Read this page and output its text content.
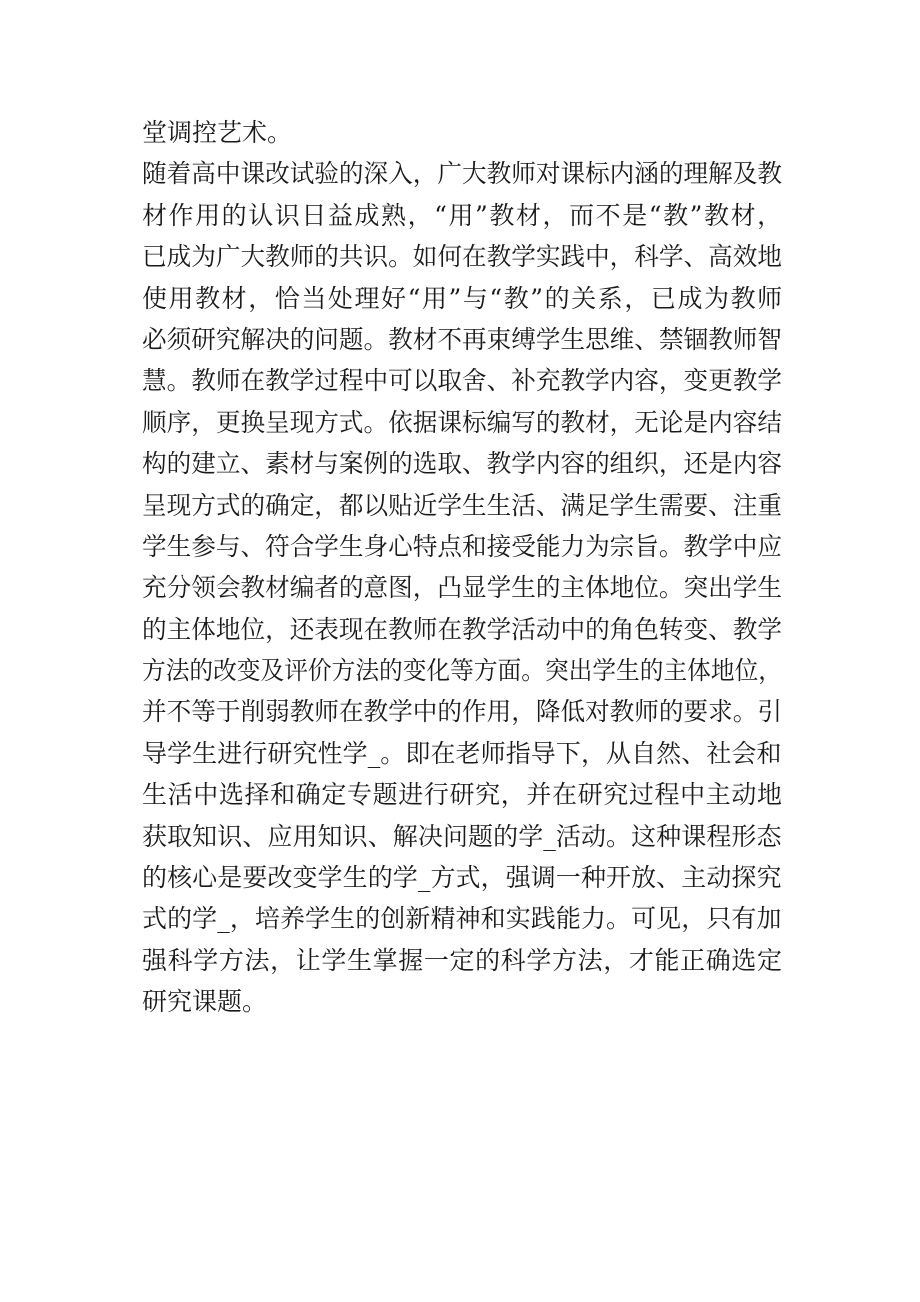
堂调控艺术。
随着高中课改试验的深入，广大教师对课标内涵的理解及教
材作用的认识日益成熟，“用”教材，而不是“教”教材，
已成为广大教师的共识。如何在教学实践中，科学、高效地
使用教材，恰当处理好“用”与“教”的关系，已成为教师
必须研究解决的问题。教材不再束缚学生思维、禁锢教师智
慧。教师在教学过程中可以取舍、补充教学内容，变更教学
顺序，更换呈现方式。依据课标编写的教材，无论是内容结
构的建立、素材与案例的选取、教学内容的组织，还是内容
呈现方式的确定，都以贴近学生生活、满足学生需要、注重
学生参与、符合学生身心特点和接受能力为宗旨。教学中应
充分领会教材编者的意图，凸显学生的主体地位。突出学生
的主体地位，还表现在教师在教学活动中的角色转变、教学
方法的改变及评价方法的变化等方面。突出学生的主体地位，
并不等于削弱教师在教学中的作用，降低对教师的要求。引
导学生进行研究性学_。即在老师指导下，从自然、社会和
生活中选择和确定专题进行研究，并在研究过程中主动地
获取知识、应用知识、解决问题的学_活动。这种课程形态
的核心是要改变学生的学_方式，强调一种开放、主动探究
式的学_，培养学生的创新精神和实践能力。可见，只有加
强科学方法，让学生掌握一定的科学方法，才能正确选定
研究课题。
